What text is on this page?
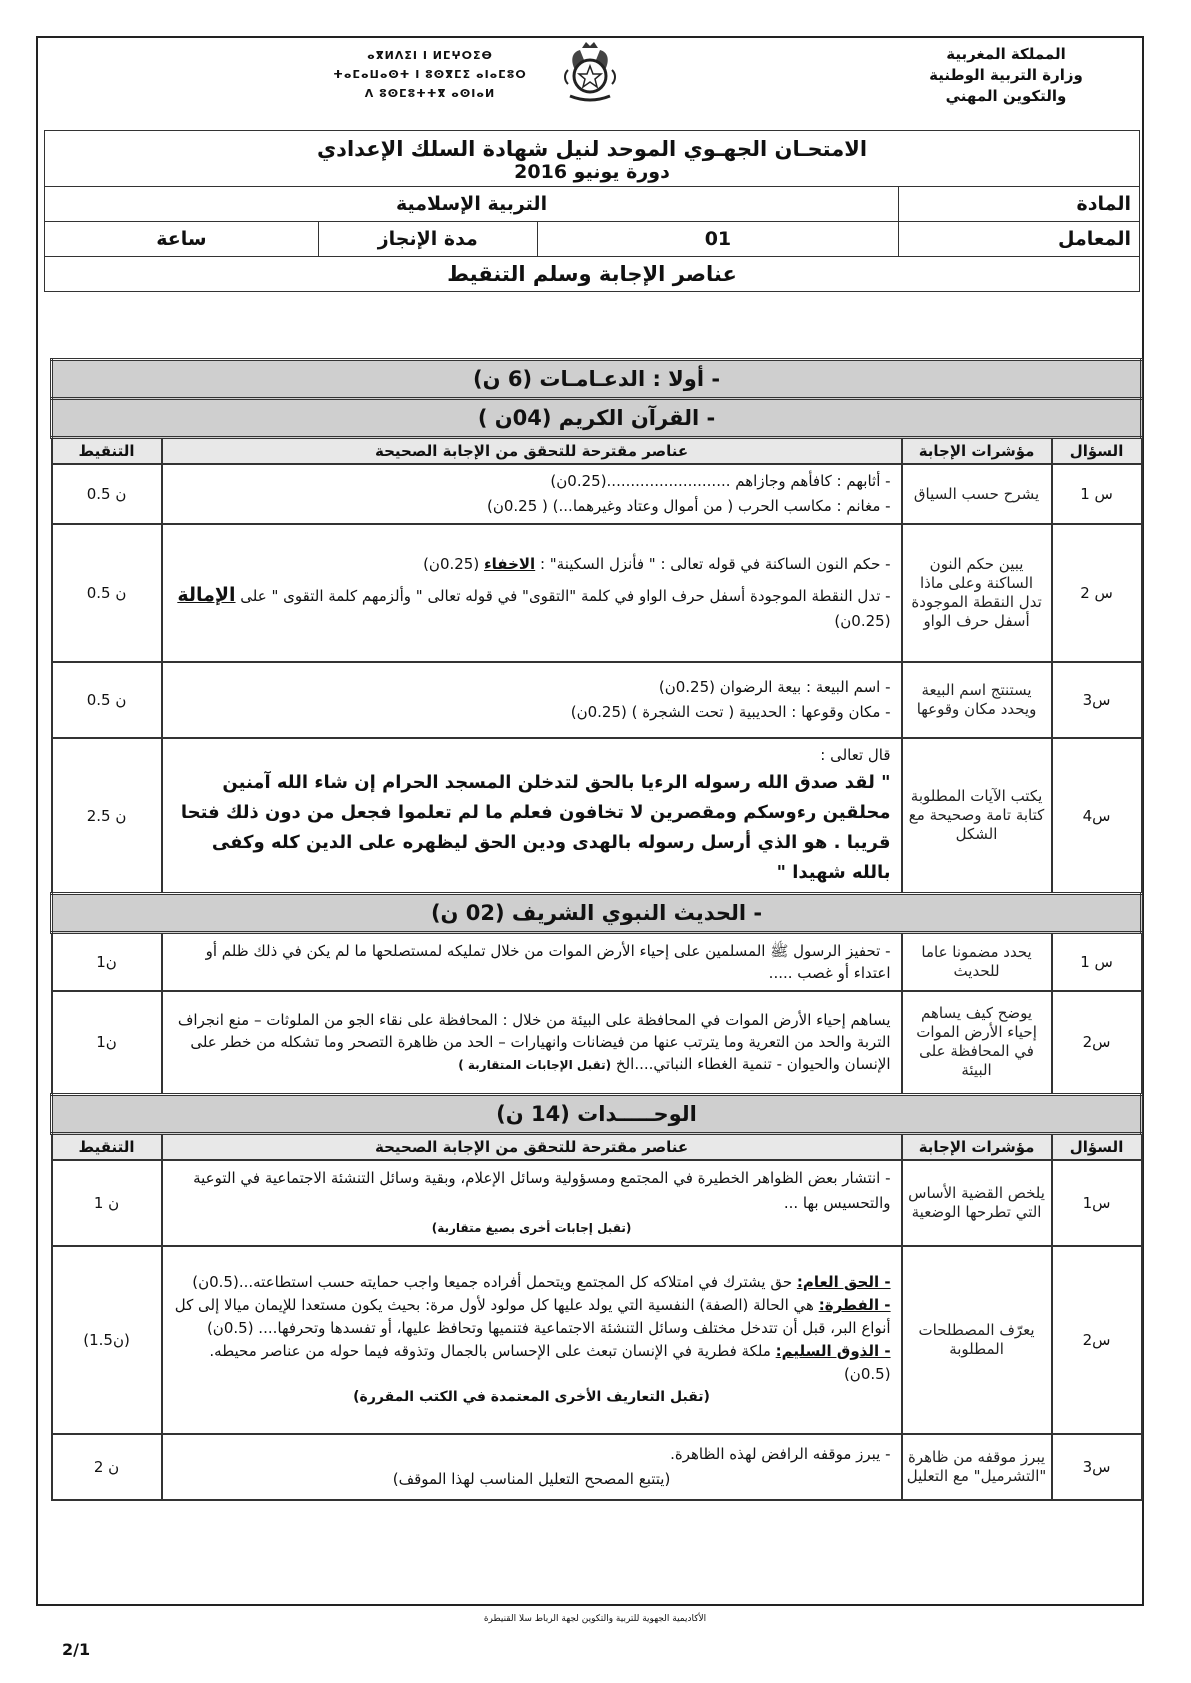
المملكة المغربية
وزارة التربية الوطنية
والتكوين المهني
ⴰⴳⵍⴷⵉⵏ ⵏ ⵍⵎⵖⵔⵉⴱ
ⵜⴰⵎⴰⵡⴰⵙⵜ ⵏ ⵓⵙⴳⵎⵉ ⴰⵏⴰⵎⵓⵔ
ⴷ ⵓⵙⵎⵓⵜⵜⴳ ⴰⵙⵏⴰⵍ
الامتحـان الجهـوي الموحد لنيل شهادة السلك الإعدادي
دورة يونيو 2016			

المادة	التربية الإسلامية		
المعامل	01	مدة الإنجاز	ساعة
عناصر الإجابة وسلم التنقيط			
- أولا : الدعـامـات (6 ن)			
- القرآن الكريم (04ن )			
السؤال	مؤشرات الإجابة	عناصر مقترحة للتحقق من الإجابة الصحيحة	التنقيط
س 1	يشرح حسب السياق	- أثابهم : كافأهم وجازاهم ..........................(0.25ن)

- مغانم : مكاسب الحرب ( من أموال وعتاد وغيرهما...) ( 0.25ن)	0.5 ن
س 2	يبين حكم النون الساكنة وعلى ماذا تدل النقطة الموجودة أسفل حرف الواو	- حكم النون الساكنة في قوله تعالى : " فأنزل السكينة" : الاخفاء (0.25ن)

- تدل النقطة الموجودة أسفل حرف الواو في كلمة "التقوى" في قوله تعالى " وألزمهم كلمة التقوى " على الإمالة (0.25ن)	0.5 ن
س3	يستنتج اسم البيعة ويحدد مكان وقوعها	- اسم البيعة : بيعة الرضوان (0.25ن)

- مكان وقوعها : الحديبية ( تحت الشجرة ) (0.25ن)	0.5 ن
س4	يكتب الآيات المطلوبة كتابة تامة وصحيحة مع الشكل	قال تعالى :

" لقد صدق الله رسوله الرءيا بالحق لتدخلن المسجد الحرام إن شاء الله آمنين محلقين رءوسكم ومقصرين لا تخافون فعلم ما لم تعلموا فجعل من دون ذلك فتحا قريبا . هو الذي أرسل رسوله بالهدى ودين الحق ليظهره على الدين كله وكفى بالله شهيدا "	2.5 ن
- الحديث النبوي الشريف (02 ن)			
س 1	يحدد مضمونا عاما للحديث	- تحفيز الرسول ﷺ المسلمين على إحياء الأرض الموات من خلال تمليكه لمستصلحها ما لم يكن في ذلك ظلم أو اعتداء أو غصب .....	1ن
س2	يوضح كيف يساهم إحياء الأرض الموات في المحافظة على البيئة	يساهم إحياء الأرض الموات في المحافظة على البيئة من خلال : المحافظة على نقاء الجو من الملوثات – منع انجراف التربة والحد من التعرية وما يترتب عنها من فيضانات وانهيارات – الحد من ظاهرة التصحر وما تشكله من خطر على الإنسان والحيوان - تنمية الغطاء النباتي....الخ (تقبل الإجابات المتقاربة )	1ن
الوحـــــدات (14 ن)			
السؤال	مؤشرات الإجابة	عناصر مقترحة للتحقق من الإجابة الصحيحة	التنقيط
س1	يلخص القضية الأساس التي تطرحها الوضعية	- انتشار بعض الظواهر الخطيرة في المجتمع ومسؤولية وسائل الإعلام، وبقية وسائل التنشئة الاجتماعية في التوعية والتحسيس بها ...

(تقبل إجابات أخرى بصيغ متقاربة)	1 ن
س2	يعرّف المصطلحات المطلوبة	- الحق العام: حق يشترك في امتلاكه كل المجتمع ويتحمل أفراده جميعا واجب حمايته حسب استطاعته...(0.5ن)

- الفطرة: هي الحالة (الصفة) النفسية التي يولد عليها كل مولود لأول مرة: بحيث يكون مستعدا للإيمان ميالا إلى كل أنواع البر، قبل أن تتدخل مختلف وسائل التنشئة الاجتماعية فتنميها وتحافظ عليها، أو تفسدها وتحرفها.... (0.5ن)

- الذوق السليم: ملكة فطرية في الإنسان تبعث على الإحساس بالجمال وتذوقه فيما حوله من عناصر محيطه. (0.5ن)

(تقبل التعاريف الأخرى المعتمدة في الكتب المقررة)	(1.5ن)
س3	يبرز موقفه من ظاهرة "التشرميل" مع التعليل	- يبرز موقفه الرافض لهذه الظاهرة.

(يتتبع المصحح التعليل المناسب لهذا الموقف)	2 ن
الأكاديمية الجهوية للتربية والتكوين لجهة الرباط سلا القنيطرة
2/1
